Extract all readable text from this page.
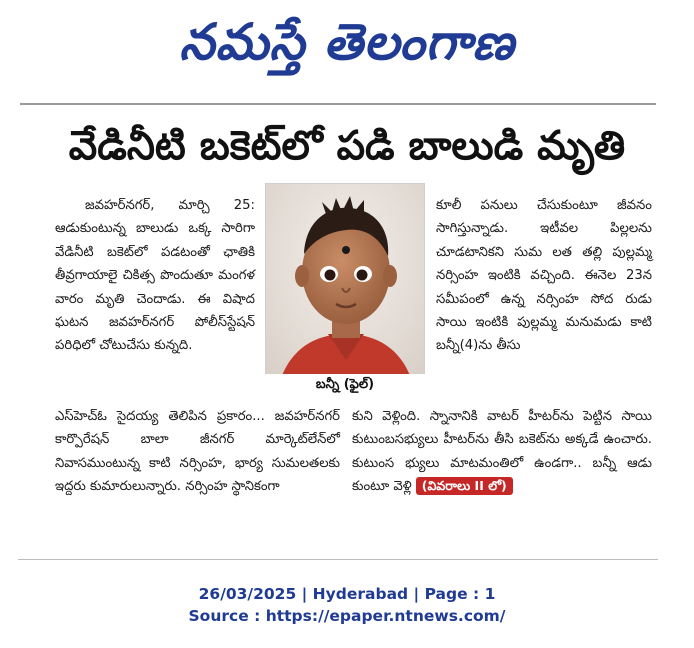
నమస్తే తెలంగాణ
వేడినీటి బకెట్‌లో పడి బాలుడి మృతి

జవహర్‌నగర్, మార్చి 25: ఆడుకుంటున్న బాలుడు ఒక్క సారిగా వేడినీటి బకెట్‌లో పడటంతో ఛాతికి తీవ్రగాయాలై చికిత్స పొందుతూ మంగళ వారం మృతి చెందాడు. ఈ విషాద ఘటన జవహర్‌నగర్ పోలీస్‌స్టేషన్ పరిధిలో చోటుచేసు కున్నది.

బన్నీ (ఫైల్)

కూలీ పనులు చేసుకుంటూ జీవనం సాగిస్తున్నాడు. ఇటీవల పిల్లలను చూడటానికని సుమ లత తల్లి పుల్లమ్మ నర్సింహ ఇంటికి వచ్చింది. ఈనెల 23న సమీపంలో ఉన్న నర్సింహ సోద రుడు సాయి ఇంటికి పుల్లమ్మ మనుమడు కాటి బన్నీ(4)ను తీసు

ఎస్‌హెచ్‌ఓ సైదయ్య తెలిపిన ప్రకారం... జవహర్‌నగర్ కార్పొరేషన్ బాలా జీనగర్ మార్కెట్‌లేన్‌లో నివాసముంటున్న కాటి నర్సింహ, భార్య సుమలతలకు ఇద్దరు కుమారులున్నారు. నర్సింహ స్థానికంగా

కుని వెళ్లింది. స్నానానికి వాటర్ హీటర్‌ను పెట్టిన సాయి కుటుంబసభ్యులు హీటర్‌ను తీసి బకెట్‌ను అక్కడే ఉంచారు. కుటుంస భ్యులు మాటమంతిలో ఉండగా.. బన్నీ ఆడు కుంటూ వెళ్లి (వివరాలు II లో)
26/03/2025 | Hyderabad | Page : 1
Source : https://epaper.ntnews.com/
